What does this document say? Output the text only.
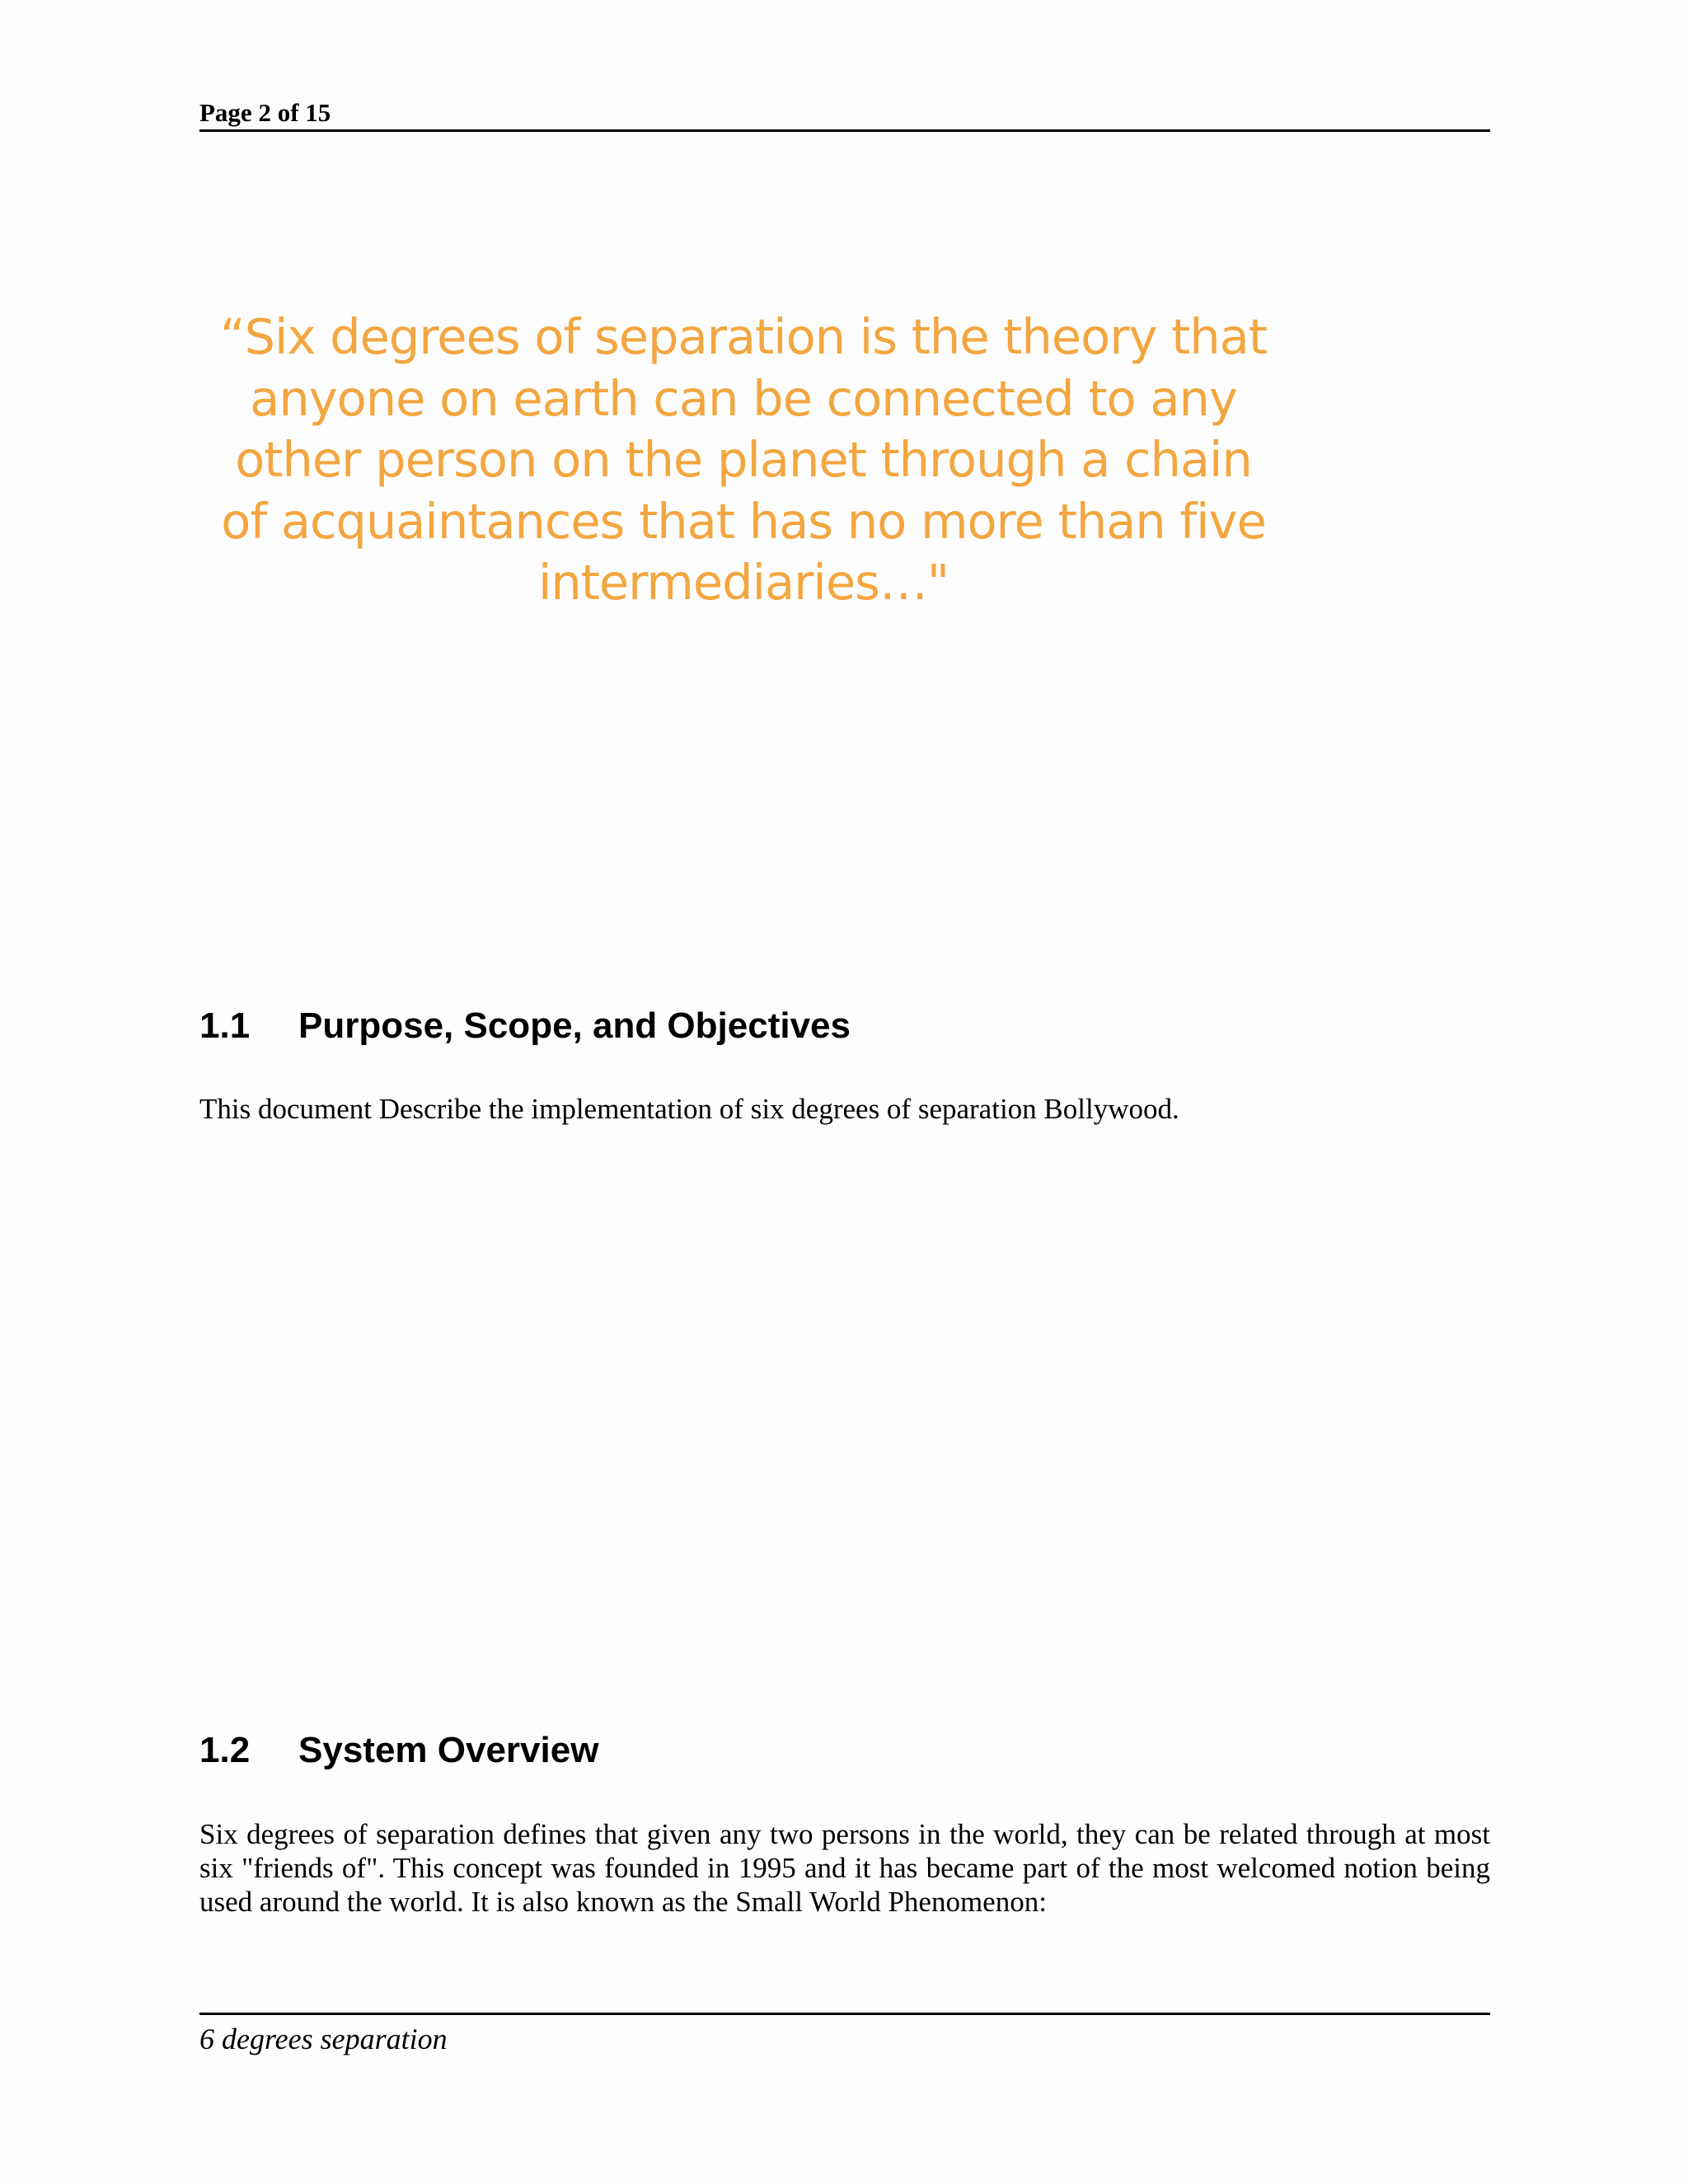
Page 2 of 15

“Six degrees of separation is the theory that
anyone on earth can be connected to any
other person on the planet through a chain
of acquaintances that has no more than five
intermediaries…"

1.1 Purpose, Scope, and Objectives

This document Describe the implementation of six degrees of separation Bollywood.

1.2 System Overview

Six degrees of separation defines that given any two persons in the world, they can be related through at most six "friends of". This concept was founded in 1995 and it has became part of the most welcomed notion being used around the world. It is also known as the Small World Phenomenon:

6 degrees separation
